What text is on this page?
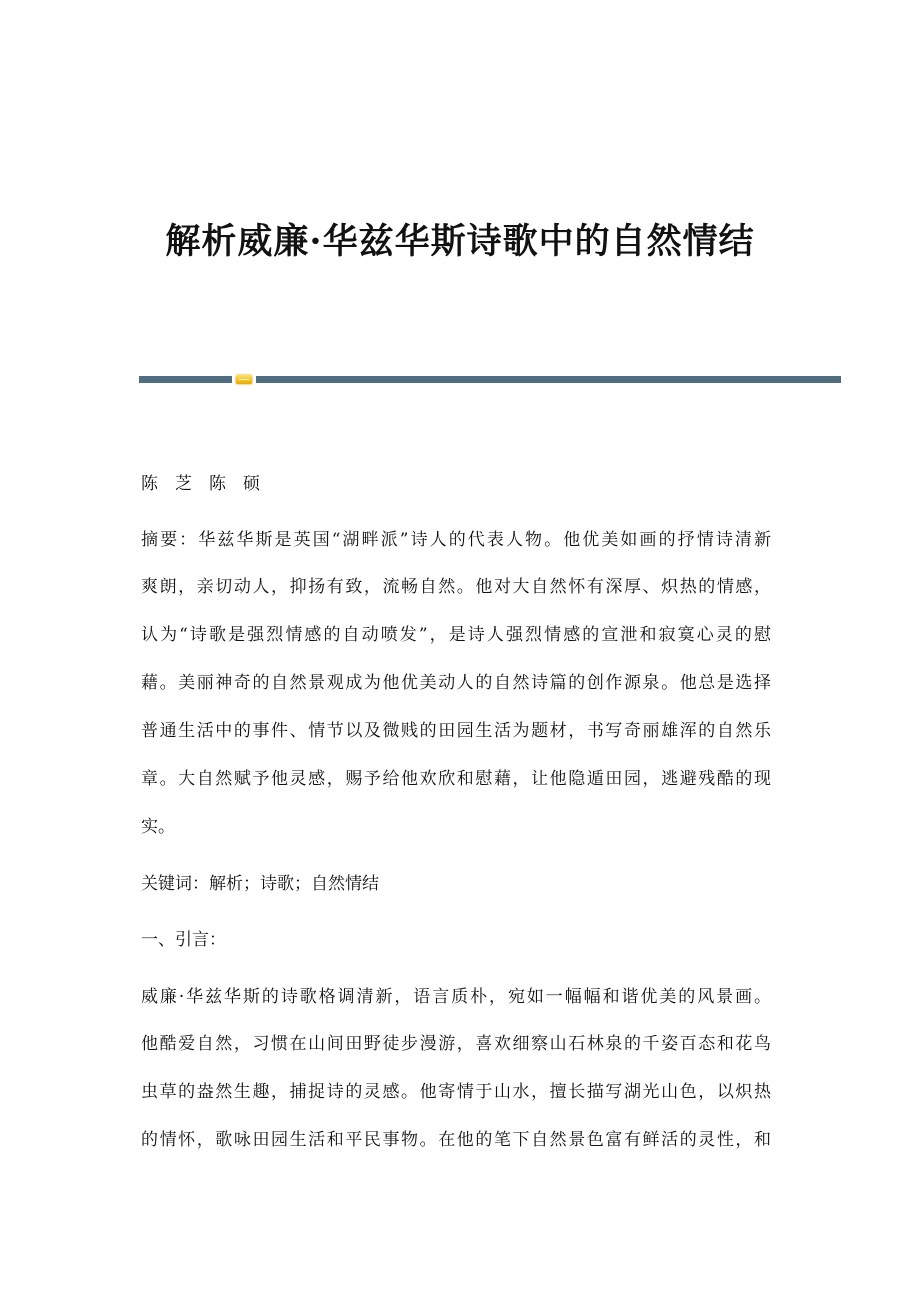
解析威廉·华兹华斯诗歌中的自然情结
陈　芝　陈　硕
摘要：华兹华斯是英国“湖畔派”诗人的代表人物。他优美如画的抒情诗清新
爽朗，亲切动人，抑扬有致，流畅自然。他对大自然怀有深厚、炽热的情感，
认为“诗歌是强烈情感的自动喷发”，是诗人强烈情感的宣泄和寂寞心灵的慰
藉。美丽神奇的自然景观成为他优美动人的自然诗篇的创作源泉。他总是选择
普通生活中的事件、情节以及微贱的田园生活为题材，书写奇丽雄浑的自然乐
章。大自然赋予他灵感，赐予给他欢欣和慰藉，让他隐遁田园，逃避残酷的现
实。
关键词：解析；诗歌；自然情结
一、引言：
威廉·华兹华斯的诗歌格调清新，语言质朴，宛如一幅幅和谐优美的风景画。
他酷爱自然，习惯在山间田野徒步漫游，喜欢细察山石林泉的千姿百态和花鸟
虫草的盎然生趣，捕捉诗的灵感。他寄情于山水，擅长描写湖光山色，以炽热
的情怀，歌咏田园生活和平民事物。在他的笔下自然景色富有鲜活的灵性，和
